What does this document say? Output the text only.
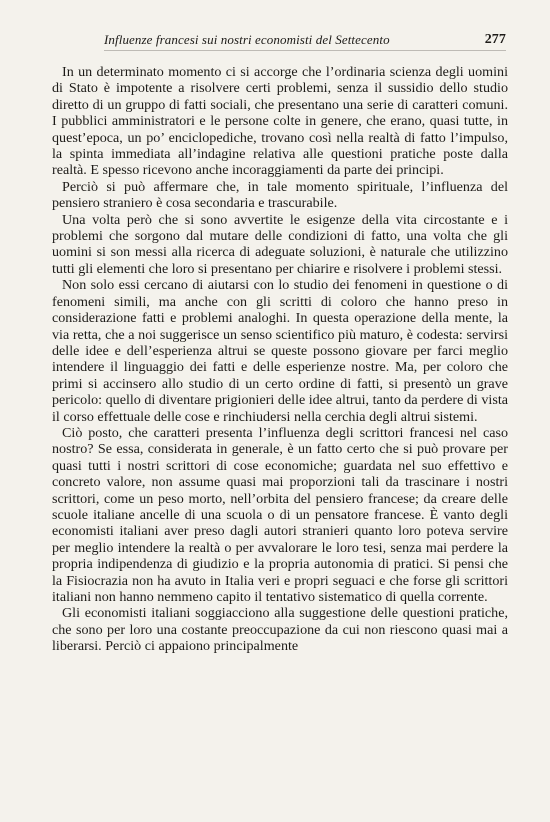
Influenze francesi sui nostri economisti del Settecento	277

In un determinato momento ci si accorge che l’ordinaria scienza degli uomini di Stato è impotente a risolvere certi problemi, senza il sussidio dello studio diretto di un gruppo di fatti sociali, che presentano una serie di caratteri comuni. I pubblici amministratori e le persone colte in genere, che erano, quasi tutte, in quest’epoca, un po’ enciclopediche, trovano così nella realtà di fatto l’impulso, la spinta immediata all’indagine relativa alle questioni pratiche poste dalla realtà. E spesso ricevono anche incoraggiamenti da parte dei principi.

Perciò si può affermare che, in tale momento spirituale, l’influenza del pensiero straniero è cosa secondaria e trascurabile.

Una volta però che si sono avvertite le esigenze della vita circostante e i problemi che sorgono dal mutare delle condizioni di fatto, una volta che gli uomini si son messi alla ricerca di adeguate soluzioni, è naturale che utilizzino tutti gli elementi che loro si presentano per chiarire e risolvere i problemi stessi.

Non solo essi cercano di aiutarsi con lo studio dei fenomeni in questione o di fenomeni simili, ma anche con gli scritti di coloro che hanno preso in considerazione fatti e problemi analoghi. In questa operazione della mente, la via retta, che a noi suggerisce un senso scientifico più maturo, è codesta: servirsi delle idee e dell’esperienza altrui se queste possono giovare per farci meglio intendere il linguaggio dei fatti e delle esperienze nostre. Ma, per coloro che primi si accinsero allo studio di un certo ordine di fatti, si presentò un grave pericolo: quello di diventare prigionieri delle idee altrui, tanto da perdere di vista il corso effettuale delle cose e rinchiudersi nella cerchia degli altrui sistemi.

Ciò posto, che caratteri presenta l’influenza degli scrittori francesi nel caso nostro? Se essa, considerata in generale, è un fatto certo che si può provare per quasi tutti i nostri scrittori di cose economiche; guardata nel suo effettivo e concreto valore, non assume quasi mai proporzioni tali da trascinare i nostri scrittori, come un peso morto, nell’orbita del pensiero francese; da creare delle scuole italiane ancelle di una scuola o di un pensatore francese. È vanto degli economisti italiani aver preso dagli autori stranieri quanto loro poteva servire per meglio intendere la realtà o per avvalorare le loro tesi, senza mai perdere la propria indipendenza di giudizio e la propria autonomia di pratici. Si pensi che la Fisiocrazia non ha avuto in Italia veri e propri seguaci e che forse gli scrittori italiani non hanno nemmeno capito il tentativo sistematico di quella corrente.

Gli economisti italiani soggiacciono alla suggestione delle questioni pratiche, che sono per loro una costante preoccupazione da cui non riescono quasi mai a liberarsi. Perciò ci appaiono principalmente
